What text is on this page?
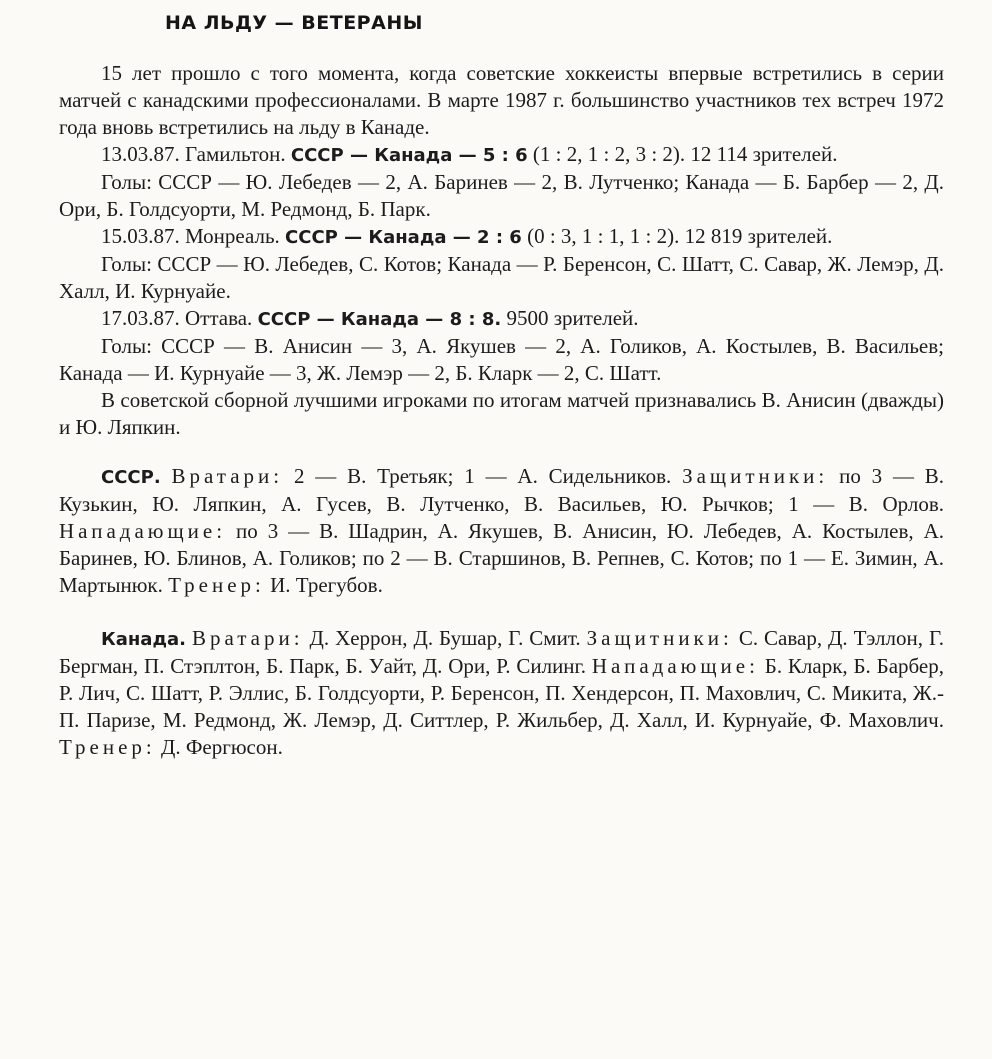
НА ЛЬДУ — ВЕТЕРАНЫ

15 лет прошло с того момента, когда советские хоккеисты впервые встретились в серии матчей с канадскими профессионалами. В марте 1987 г. большинство участников тех встреч 1972 года вновь встретились на льду в Канаде.

13.03.87. Гамильтон. СССР — Канада — 5 : 6 (1 : 2, 1 : 2, 3 : 2). 12 114 зрителей.

Голы: СССР — Ю. Лебедев — 2, А. Баринев — 2, В. Лутченко; Канада — Б. Барбер — 2, Д. Ори, Б. Голдсуорти, М. Редмонд, Б. Парк.

15.03.87. Монреаль. СССР — Канада — 2 : 6 (0 : 3, 1 : 1, 1 : 2). 12 819 зрителей.

Голы: СССР — Ю. Лебедев, С. Котов; Канада — Р. Беренсон, С. Шатт, С. Савар, Ж. Лемэр, Д. Халл, И. Курнуайе.

17.03.87. Оттава. СССР — Канада — 8 : 8. 9500 зрителей.

Голы: СССР — В. Анисин — 3, А. Якушев — 2, А. Голиков, А. Костылев, В. Васильев; Канада — И. Курнуайе — 3, Ж. Лемэр — 2, Б. Кларк — 2, С. Шатт.

В советской сборной лучшими игроками по итогам матчей признавались В. Анисин (дважды) и Ю. Ляпкин.

СССР. Вратари: 2 — В. Третьяк; 1 — А. Сидельников. Защитники: по 3 — В. Кузькин, Ю. Ляпкин, А. Гусев, В. Лутченко, В. Васильев, Ю. Рычков; 1 — В. Орлов. Нападающие: по 3 — В. Шадрин, А. Якушев, В. Анисин, Ю. Лебедев, А. Костылев, А. Баринев, Ю. Блинов, А. Голиков; по 2 — В. Старшинов, В. Репнев, С. Котов; по 1 — Е. Зимин, А. Мартынюк. Тренер: И. Трегубов.

Канада. Вратари: Д. Херрон, Д. Бушар, Г. Смит. Защитники: С. Савар, Д. Тэллон, Г. Бергман, П. Стэплтон, Б. Парк, Б. Уайт, Д. Ори, Р. Силинг. Нападающие: Б. Кларк, Б. Барбер, Р. Лич, С. Шатт, Р. Эллис, Б. Голдсуорти, Р. Беренсон, П. Хендерсон, П. Маховлич, С. Микита, Ж.-П. Паризе, М. Редмонд, Ж. Лемэр, Д. Ситтлер, Р. Жильбер, Д. Халл, И. Курнуайе, Ф. Маховлич. Тренер: Д. Фергюсон.
